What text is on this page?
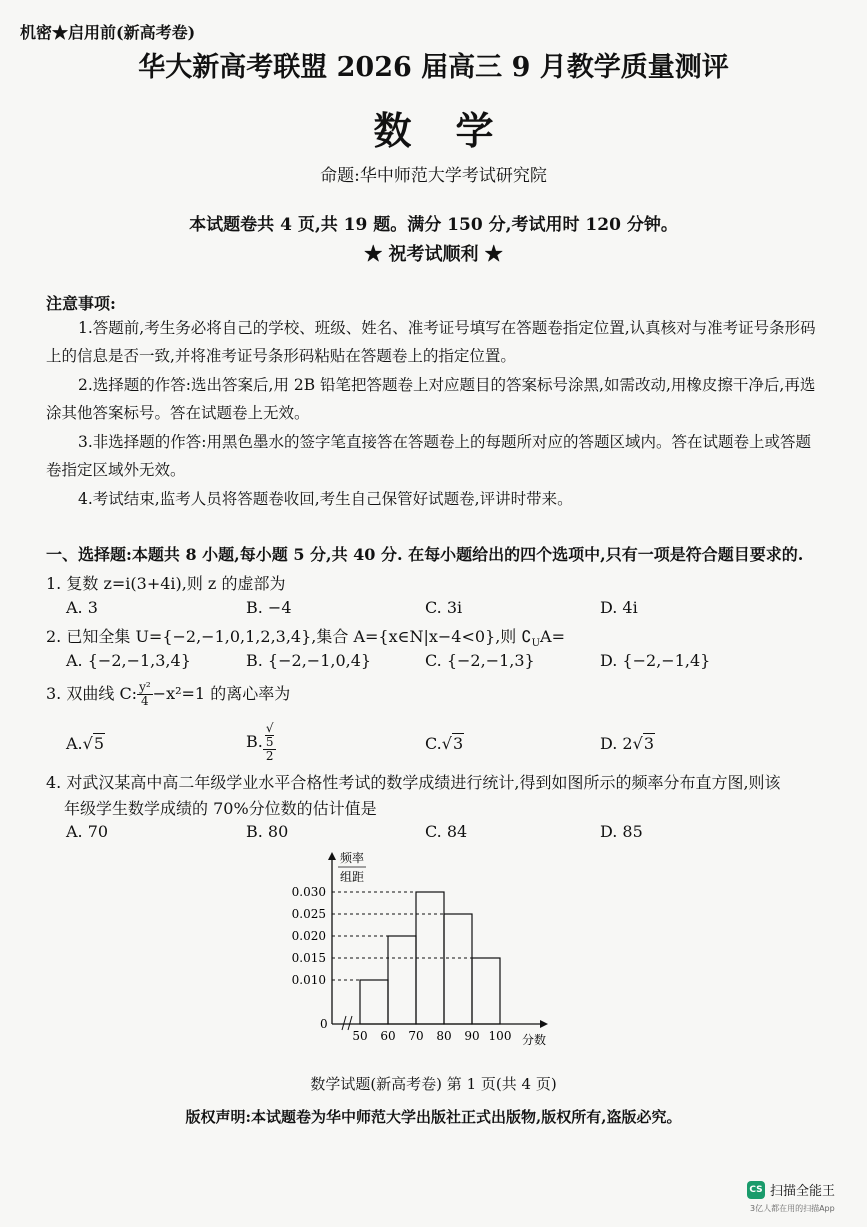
机密★启用前(新高考卷)
华大新高考联盟 2026 届高三 9 月教学质量测评
数学
命题:华中师范大学考试研究院
本试题卷共 4 页,共 19 题。满分 150 分,考试用时 120 分钟。
★ 祝考试顺利 ★
注意事项:

1.答题前,考生务必将自己的学校、班级、姓名、准考证号填写在答题卷指定位置,认真核对与准考证号条形码上的信息是否一致,并将准考证号条形码粘贴在答题卷上的指定位置。

2.选择题的作答:选出答案后,用 2B 铅笔把答题卷上对应题目的答案标号涂黑,如需改动,用橡皮擦干净后,再选涂其他答案标号。答在试题卷上无效。

3.非选择题的作答:用黑色墨水的签字笔直接答在答题卷上的每题所对应的答题区域内。答在试题卷上或答题卷指定区域外无效。

4.考试结束,监考人员将答题卷收回,考生自己保管好试题卷,评讲时带来。

一、选择题:本题共 8 小题,每小题 5 分,共 40 分. 在每小题给出的四个选项中,只有一项是符合题目要求的.
1. 复数 z=i(3+4i),则 z 的虚部为
A. 3	B. −4	C. 3i	D. 4i
2. 已知全集 U={−2,−1,0,1,2,3,4},集合 A={x∈N|x−4<0},则 $∁_UA=$
A. {−2,−1,3,4}	B. {−2,−1,0,4}	C. {−2,−1,3}	D. {−2,−1,4}
3. 双曲线 C: $\frac{\text{y²}}{4} -x^2=1$ 的离心率为
A.√5	B. √
5
2	C.√3	D. 2√3
4. 对武汉某高中高二年级学业水平合格性考试的数学成绩进行统计,得到如图所示的频率分布直方图,则该
年级学生数学成绩的 70%分位数的估计值是
A. 70	B. 80	C. 84	D. 85
频率
组距
0
0.030
0.025
0.020
0.015
0.010
50 60 70 80 90 100 分数
数学试题(新高考卷) 第 1 页(共 4 页)
版权声明:本试题卷为华中师范大学出版社正式出版物,版权所有,盗版必究。
CS 扫描全能王
3亿人都在用的扫描App
